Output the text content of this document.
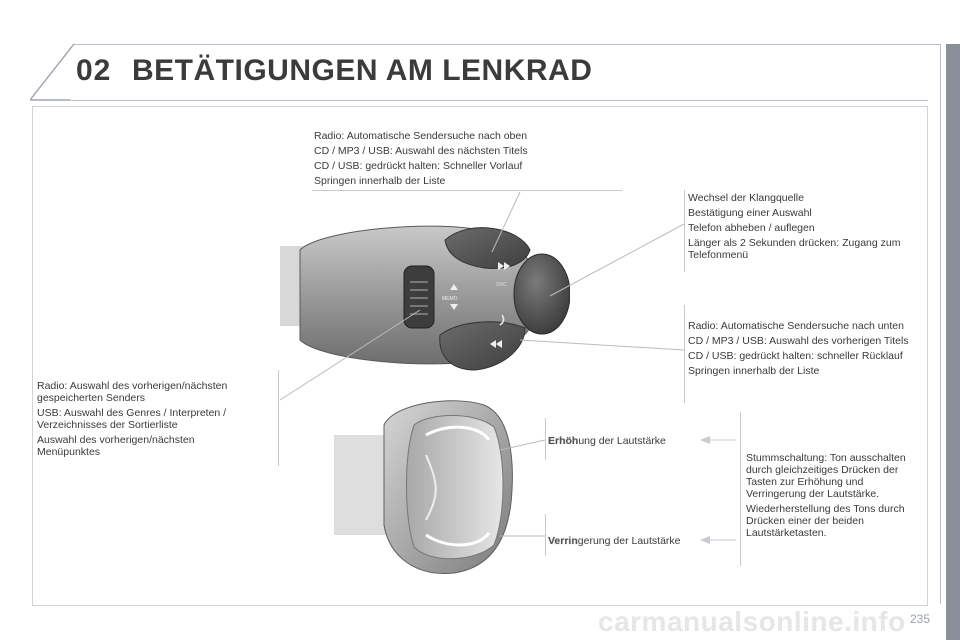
02 BETÄTIGUNGEN AM LENKRAD
MEMO
SRC

Radio: Automatische Sendersuche nach oben

CD / MP3 / USB: Auswahl des nächsten Titels

CD / USB: gedrückt halten: Schneller Vorlauf

Springen innerhalb der Liste

Wechsel der Klangquelle

Bestätigung einer Auswahl

Telefon abheben / auflegen

Länger als 2 Sekunden drücken: Zugang zum Telefonmenü

Radio: Automatische Sendersuche nach unten

CD / MP3 / USB: Auswahl des vorherigen Titels

CD / USB: gedrückt halten: schneller Rücklauf

Springen innerhalb der Liste

Radio: Auswahl des vorherigen/nächsten gespeicherten Senders

USB: Auswahl des Genres / Interpreten / Verzeichnisses der Sortierliste

Auswahl des vorherigen/nächsten Menüpunktes

Erhöhung der Lautstärke
Verringerung der Lautstärke

Stummschaltung: Ton ausschalten durch gleichzeitiges Drücken der Tasten zur Erhöhung und Verringerung der Lautstärke.

Wiederherstellung des Tons durch Drücken einer der beiden Lautstärketasten.

carmanualsonline.info 235
